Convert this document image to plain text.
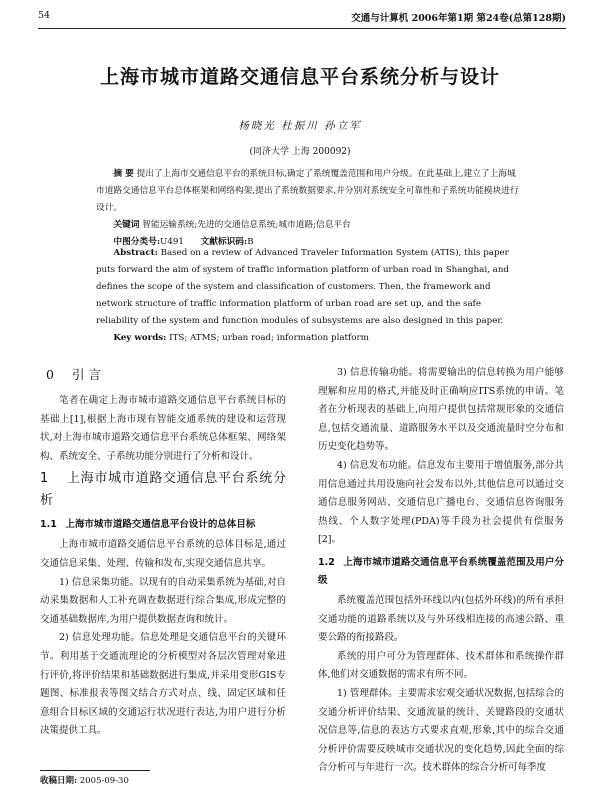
54	交通与计算机 2006年第1期 第24卷(总第128期)
上海市城市道路交通信息平台系统分析与设计
杨晓光 杜振川 孙立军
(同济大学 上海 200092)

摘 要 提出了上海市交通信息平台的系统目标,确定了系统覆盖范围和用户分级。在此基础上,建立了上海城市道路交通信息平台总体框架和网络构架,提出了系统数据要求,并分别对系统安全可靠性和子系统功能模块进行设计。

关键词 智能运输系统;先进的交通信息系统;城市道路;信息平台

中图分类号:U491 文献标识码:B

Abstract: Based on a review of Advanced Traveler Information System (ATIS), this paper puts forward the aim of system of traffic information platform of urban road in Shanghai, and defines the scope of the system and classification of customers. Then, the framework and network structure of traffic information platform of urban road are set up, and the safe reliability of the system and function modules of subsystems are also designed in this paper.

Key words: ITS; ATMS; urban road; information platform

0 引 言

笔者在确定上海市城市道路交通信息平台系统目标的基础上[1],根据上海市现有智能交通系统的建设和运营现状,对上海市城市道路交通信息平台系统总体框架、网络架构、系统安全、子系统功能分别进行了分析和设计。

1 上海市城市道路交通信息平台系统分析
1.1 上海市城市道路交通信息平台设计的总体目标

上海市城市道路交通信息平台系统的总体目标是,通过交通信息采集、处理、传输和发布,实现交通信息共享。

1) 信息采集功能。以现有的自动采集系统为基础,对自动采集数据和人工补充调查数据进行综合集成,形成完整的交通基础数据库,为用户提供数据查询和统计。

2) 信息处理功能。信息处理是交通信息平台的关键环节。利用基于交通流理论的分析模型对各层次管理对象进行评价,将评价结果和基础数据进行集成,并采用变形GIS专题图、标准报表等图文结合方式对点、线、固定区域和任意组合目标区域的交通运行状况进行表达,为用户进行分析决策提供工具。

3) 信息传输功能。将需要输出的信息转换为用户能够理解和应用的格式,并能及时正确响应ITS系统的申请。笔者在分析现表的基础上,向用户提供包括常规形象的交通信息,包括交通流量、道路服务水平以及交通流量时空分布和历史变化趋势等。

4) 信息发布功能。信息发布主要用于增值服务,部分共用信息通过共用设施向社会发布以外,其他信息可以通过交通信息服务网站、交通信息广播电台、交通信息咨询服务热线、个人数字处理(PDA)等手段为社会提供有偿服务[2]。

1.2 上海市城市道路交通信息平台系统覆盖范围及用户分级

系统覆盖范围包括外环线以内(包括外环线)的所有承担交通功能的道路系统以及与外环线相连接的高速公路、重要公路的衔接路段。

系统的用户可分为管理群体、技术群体和系统操作群体,他们对交通数据的需求有所不同。

1) 管理群体。主要需求宏观交通状况数据,包括综合的交通分析评价结果、交通流量的统计、关键路段的交通状况信息等,信息的表达方式要求直观,形象,其中的综合交通分析评价需要反映城市交通状况的变化趋势,因此全面的综合分析可与年进行一次。技术群体的综合分析可每季度

收稿日期: 2005-09-30
